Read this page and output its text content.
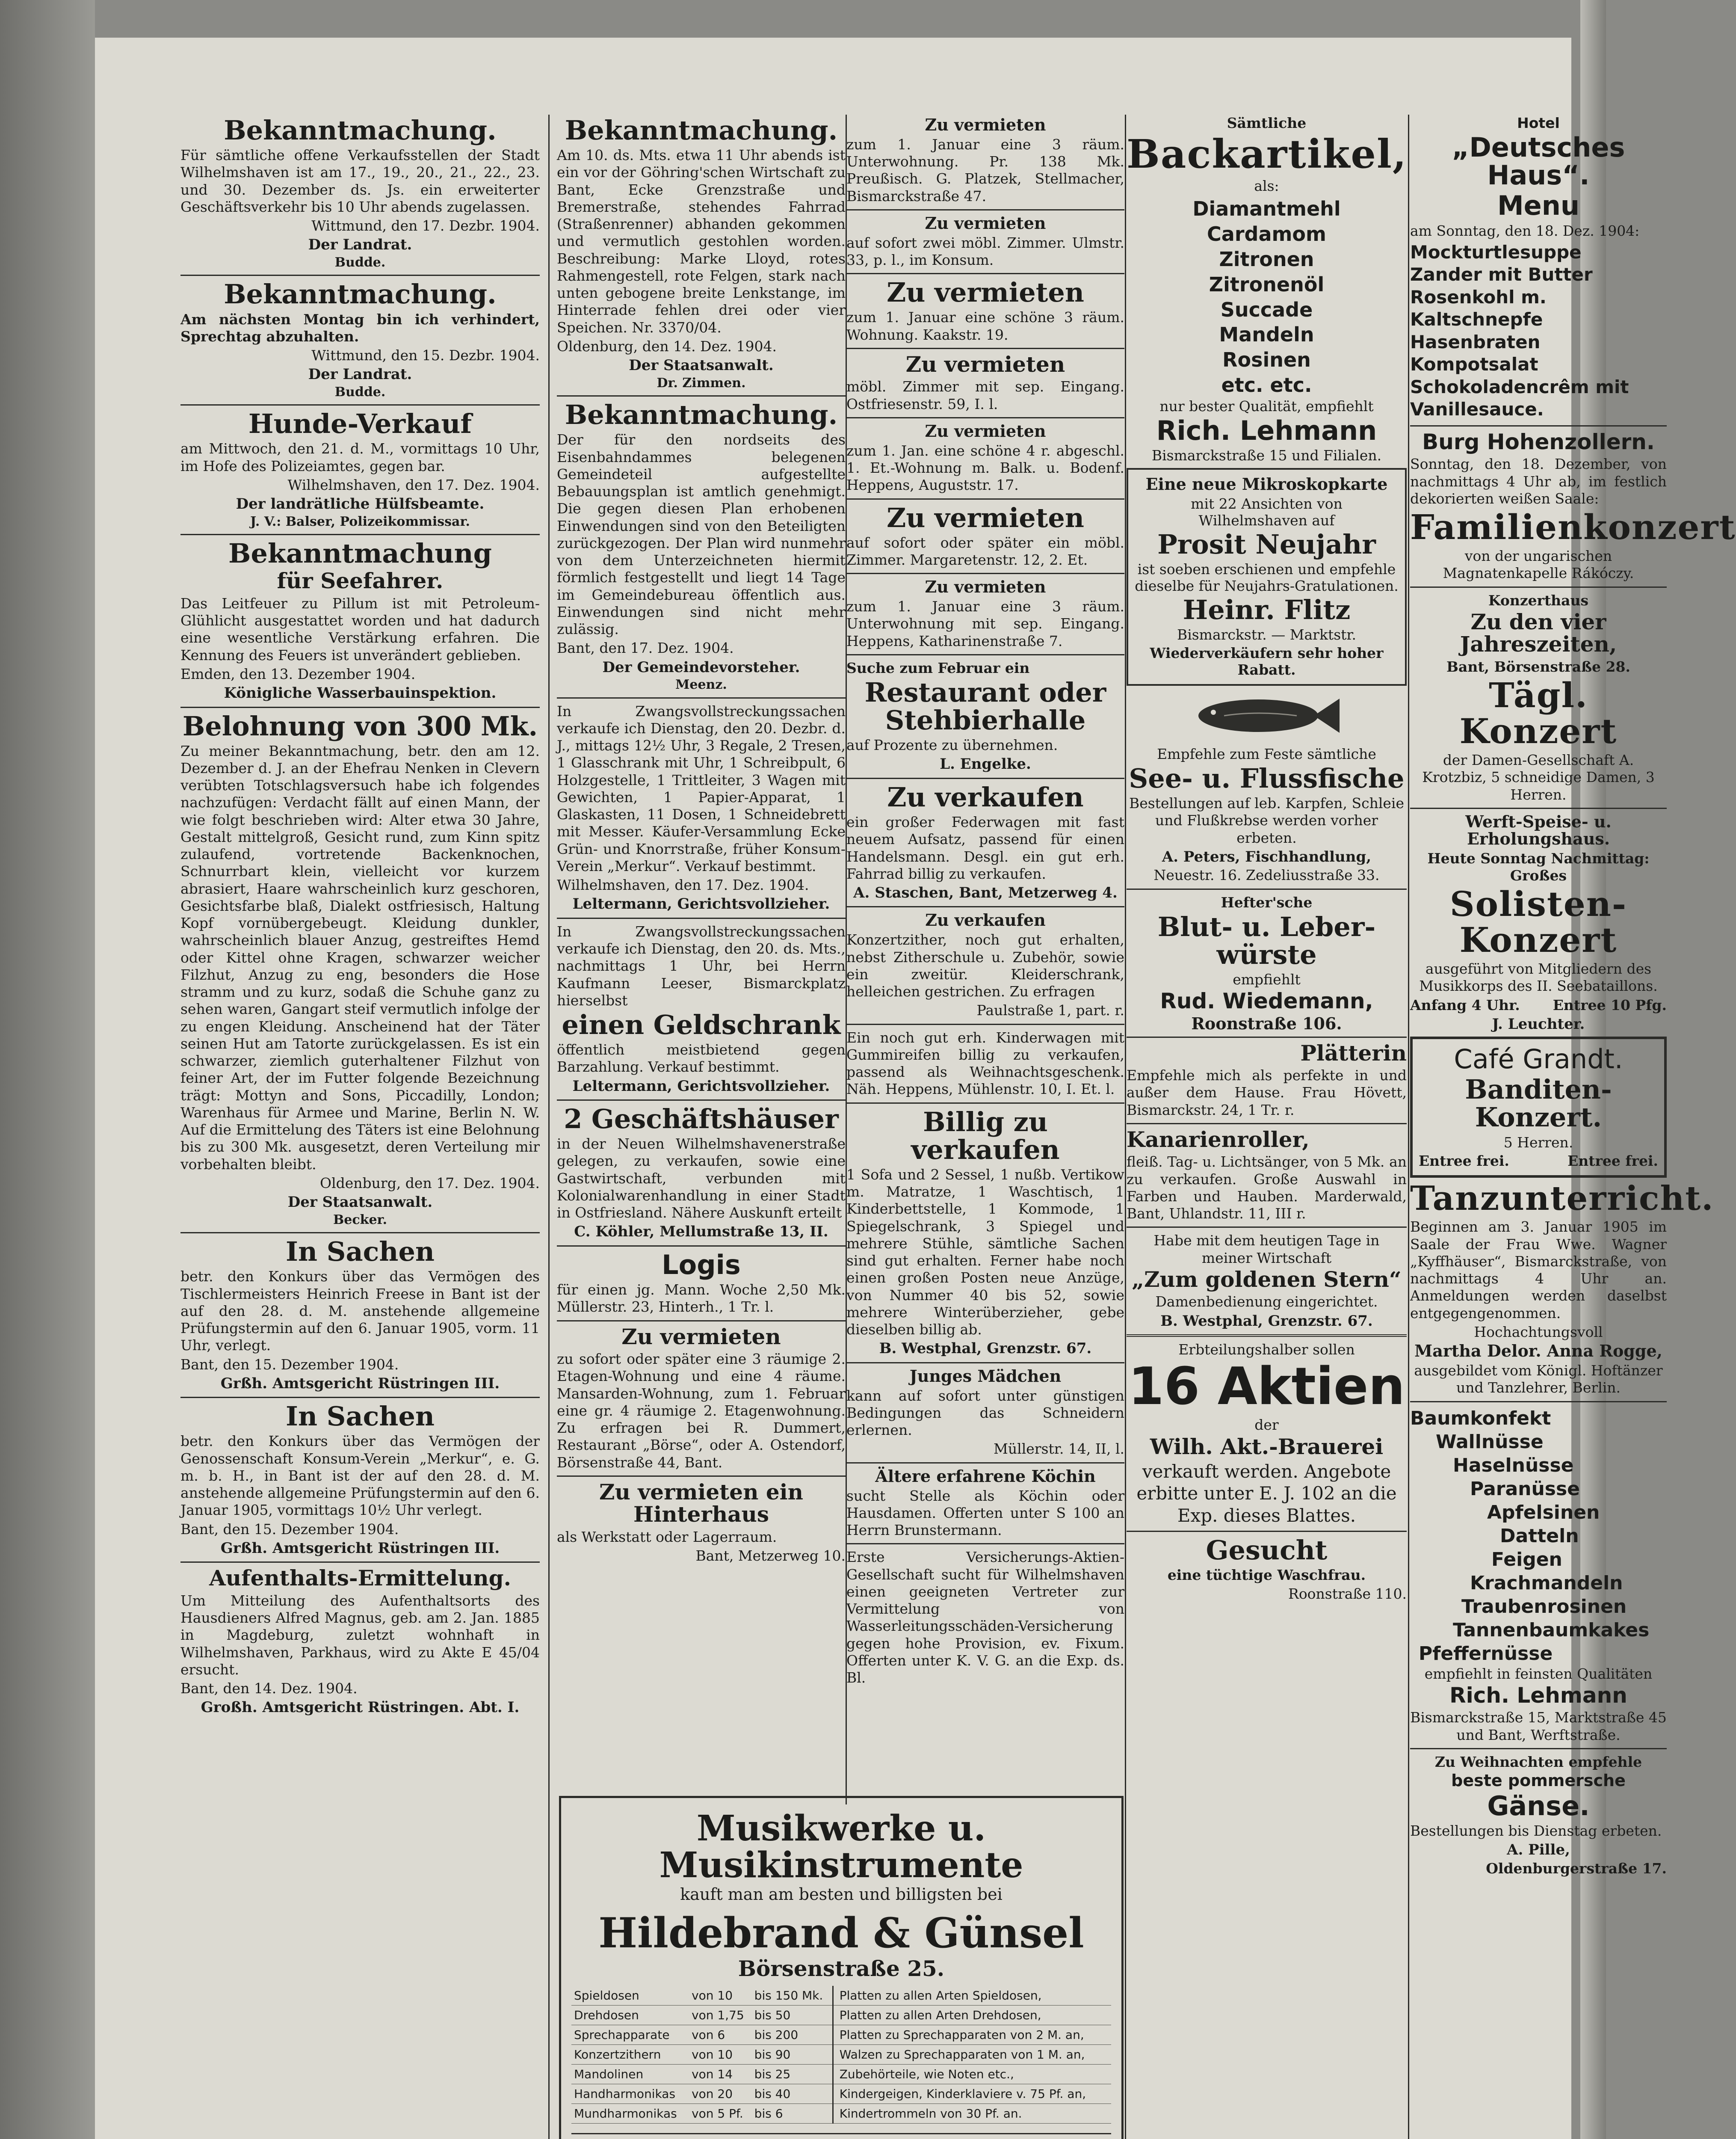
Bekanntmachung.
Für sämtliche offene Verkaufsstellen der Stadt Wilhelmshaven ist am 17., 19., 20., 21., 22., 23. und 30. Dezember ds. Js. ein erweiterter Geschäftsverkehr bis 10 Uhr abends zugelassen.
Wittmund, den 17. Dezbr. 1904.
Der Landrat.
Budde.
Bekanntmachung.
Am nächsten Montag bin ich verhindert, Sprechtag abzuhalten.
Wittmund, den 15. Dezbr. 1904.
Der Landrat.
Budde.
Hunde-Verkauf
am Mittwoch, den 21. d. M., vormittags 10 Uhr, im Hofe des Polizeiamtes, gegen bar.
Wilhelmshaven, den 17. Dez. 1904.
Der landrätliche Hülfsbeamte.
J. V.: Balser, Polizeikommissar.
Bekanntmachung
für Seefahrer.
Das Leitfeuer zu Pillum ist mit Petroleum-Glühlicht ausgestattet worden und hat dadurch eine wesentliche Verstärkung erfahren. Die Kennung des Feuers ist unverändert geblieben.
Emden, den 13. Dezember 1904.
Königliche Wasserbauinspektion.
Belohnung von 300 Mk.
Zu meiner Bekanntmachung, betr. den am 12. Dezember d. J. an der Ehefrau Nenken in Clevern verübten Totschlagsversuch habe ich folgendes nachzufügen: Verdacht fällt auf einen Mann, der wie folgt beschrieben wird: Alter etwa 30 Jahre, Gestalt mittelgroß, Gesicht rund, zum Kinn spitz zulaufend, vortretende Backenknochen, Schnurrbart klein, vielleicht vor kurzem abrasiert, Haare wahrscheinlich kurz geschoren, Gesichtsfarbe blaß, Dialekt ostfriesisch, Haltung Kopf vornübergebeugt. Kleidung dunkler, wahrscheinlich blauer Anzug, gestreiftes Hemd oder Kittel ohne Kragen, schwarzer weicher Filzhut, Anzug zu eng, besonders die Hose stramm und zu kurz, sodaß die Schuhe ganz zu sehen waren, Gangart steif vermutlich infolge der zu engen Kleidung. Anscheinend hat der Täter seinen Hut am Tatorte zurückgelassen. Es ist ein schwarzer, ziemlich guterhaltener Filzhut von feiner Art, der im Futter folgende Bezeichnung trägt: Mottyn and Sons, Piccadilly, London; Warenhaus für Armee und Marine, Berlin N. W. Auf die Ermittelung des Täters ist eine Belohnung bis zu 300 Mk. ausgesetzt, deren Verteilung mir vorbehalten bleibt.
Oldenburg, den 17. Dez. 1904.
Der Staatsanwalt.
Becker.
In Sachen
betr. den Konkurs über das Vermögen des Tischlermeisters Heinrich Freese in Bant ist der auf den 28. d. M. anstehende allgemeine Prüfungstermin auf den 6. Januar 1905, vorm. 11 Uhr, verlegt.
Bant, den 15. Dezember 1904.
Grßh. Amtsgericht Rüstringen III.
In Sachen
betr. den Konkurs über das Vermögen der Genossenschaft Konsum-Verein „Merkur“, e. G. m. b. H., in Bant ist der auf den 28. d. M. anstehende allgemeine Prüfungstermin auf den 6. Januar 1905, vormittags 10½ Uhr verlegt.
Bant, den 15. Dezember 1904.
Grßh. Amtsgericht Rüstringen III.
Aufenthalts-Ermittelung.
Um Mitteilung des Aufenthaltsorts des Hausdieners Alfred Magnus, geb. am 2. Jan. 1885 in Magdeburg, zuletzt wohnhaft in Wilhelmshaven, Parkhaus, wird zu Akte E 45/04 ersucht.
Bant, den 14. Dez. 1904.
Großh. Amtsgericht Rüstringen. Abt. I.
Bekanntmachung.
Am 10. ds. Mts. etwa 11 Uhr abends ist ein vor der Göhring'schen Wirtschaft zu Bant, Ecke Grenzstraße und Bremerstraße, stehendes Fahrrad (Straßenrenner) abhanden gekommen und vermutlich gestohlen worden. Beschreibung: Marke Lloyd, rotes Rahmengestell, rote Felgen, stark nach unten gebogene breite Lenkstange, im Hinterrade fehlen drei oder vier Speichen. Nr. 3370/04.
Oldenburg, den 14. Dez. 1904.
Der Staatsanwalt.
Dr. Zimmen.
Bekanntmachung.
Der für den nordseits des Eisenbahndammes belegenen Gemeindeteil aufgestellte Bebauungsplan ist amtlich genehmigt. Die gegen diesen Plan erhobenen Einwendungen sind von den Beteiligten zurückgezogen. Der Plan wird nunmehr von dem Unterzeichneten hiermit förmlich festgestellt und liegt 14 Tage im Gemeindebureau öffentlich aus. Einwendungen sind nicht mehr zulässig.
Bant, den 17. Dez. 1904.
Der Gemeindevorsteher.
Meenz.
In Zwangsvollstreckungssachen verkaufe ich Dienstag, den 20. Dezbr. d. J., mittags 12½ Uhr, 3 Regale, 2 Tresen, 1 Glasschrank mit Uhr, 1 Schreibpult, 6 Holzgestelle, 1 Trittleiter, 3 Wagen mit Gewichten, 1 Papier-Apparat, 1 Glaskasten, 11 Dosen, 1 Schneidebrett mit Messer. Käufer-Versammlung Ecke Grün- und Knorrstraße, früher Konsum-Verein „Merkur“. Verkauf bestimmt.
Wilhelmshaven, den 17. Dez. 1904.
Leltermann, Gerichtsvollzieher.
In Zwangsvollstreckungssachen verkaufe ich Dienstag, den 20. ds. Mts., nachmittags 1 Uhr, bei Herrn Kaufmann Leeser, Bismarckplatz hierselbst
einen Geldschrank
öffentlich meistbietend gegen Barzahlung. Verkauf bestimmt.
Leltermann, Gerichtsvollzieher.
2 Geschäftshäuser
in der Neuen Wilhelmshavenerstraße gelegen, zu verkaufen, sowie eine Gastwirtschaft, verbunden mit Kolonialwarenhandlung in einer Stadt in Ostfriesland. Nähere Auskunft erteilt
C. Köhler, Mellumstraße 13, II.
Logis
für einen jg. Mann. Woche 2,50 Mk. Müllerstr. 23, Hinterh., 1 Tr. l.
Zu vermieten
zu sofort oder später eine 3 räumige 2. Etagen-Wohnung und eine 4 räume. Mansarden-Wohnung, zum 1. Februar eine gr. 4 räumige 2. Etagenwohnung. Zu erfragen bei R. Dummert, Restaurant „Börse“, oder A. Ostendorf, Börsenstraße 44, Bant.
Zu vermieten ein Hinterhaus
als Werkstatt oder Lagerraum.
Bant, Metzerweg 10.
Zu vermieten
zum 1. Januar eine 3 räum. Unterwohnung. Pr. 138 Mk. Preußisch. G. Platzek, Stellmacher, Bismarckstraße 47.
Zu vermieten
auf sofort zwei möbl. Zimmer. Ulmstr. 33, p. l., im Konsum.
Zu vermieten
zum 1. Januar eine schöne 3 räum. Wohnung. Kaakstr. 19.
Zu vermieten
möbl. Zimmer mit sep. Eingang. Ostfriesenstr. 59, I. l.
Zu vermieten
zum 1. Jan. eine schöne 4 r. abgeschl. 1. Et.-Wohnung m. Balk. u. Bodenf. Heppens, Auguststr. 17.
Zu vermieten
auf sofort oder später ein möbl. Zimmer. Margaretenstr. 12, 2. Et.
Zu vermieten
zum 1. Januar eine 3 räum. Unterwohnung mit sep. Eingang. Heppens, Katharinenstraße 7.
Suche zum Februar ein
Restaurant oder Stehbierhalle
auf Prozente zu übernehmen.
L. Engelke.
Zu verkaufen
ein großer Federwagen mit fast neuem Aufsatz, passend für einen Handelsmann. Desgl. ein gut erh. Fahrrad billig zu verkaufen.
A. Staschen, Bant, Metzerweg 4.
Zu verkaufen
Konzertzither, noch gut erhalten, nebst Zitherschule u. Zubehör, sowie ein zweitür. Kleiderschrank, helleichen gestrichen. Zu erfragen
Paulstraße 1, part. r.
Ein noch gut erh. Kinderwagen mit Gummireifen billig zu verkaufen, passend als Weihnachtsgeschenk. Näh. Heppens, Mühlenstr. 10, I. Et. l.
Billig zu verkaufen
1 Sofa und 2 Sessel, 1 nußb. Vertikow m. Matratze, 1 Waschtisch, 1 Kinderbettstelle, 1 Kommode, 1 Spiegelschrank, 3 Spiegel und mehrere Stühle, sämtliche Sachen sind gut erhalten. Ferner habe noch einen großen Posten neue Anzüge, von Nummer 40 bis 52, sowie mehrere Winterüberzieher, gebe dieselben billig ab.
B. Westphal, Grenzstr. 67.
Junges Mädchen
kann auf sofort unter günstigen Bedingungen das Schneidern erlernen.
Müllerstr. 14, II, l.
Ältere erfahrene Köchin
sucht Stelle als Köchin oder Hausdamen. Offerten unter S 100 an Herrn Brunstermann.
Erste Versicherungs-Aktien-Gesellschaft sucht für Wilhelmshaven einen geeigneten Vertreter zur Vermittelung von Wasserleitungsschäden-Versicherung gegen hohe Provision, ev. Fixum. Offerten unter K. V. G. an die Exp. ds. Bl.
Musikwerke u. Musikinstrumente
kauft man am besten und billigsten bei
Hildebrand & Günsel
Börsenstraße 25.
Spieldosen	von 10	bis 150 Mk.	Platten zu allen Arten Spieldosen,
Drehdosen	von 1,75	bis 50	Platten zu allen Arten Drehdosen,
Sprechapparate	von 6	bis 200	Platten zu Sprechapparaten von 2 M. an,
Konzertzithern	von 10	bis 90	Walzen zu Sprechapparaten von 1 M. an,
Mandolinen	von 14	bis 25	Zubehörteile, wie Noten etc.,
Handharmonikas	von 20	bis 40	Kindergeigen, Kinderklaviere v. 75 Pf. an,
Mundharmonikas	von 5 Pf.	bis 6	Kindertrommeln von 30 Pf. an.
Sämtliche
Backartikel,
als:
Diamantmehl
Cardamom
Zitronen
Zitronenöl
Succade
Mandeln
Rosinen
etc. etc.
nur bester Qualität, empfiehlt
Rich. Lehmann
Bismarckstraße 15 und Filialen.
Eine neue Mikroskopkarte
mit 22 Ansichten von Wilhelmshaven auf
Prosit Neujahr
ist soeben erschienen und empfehle dieselbe für Neujahrs-Gratulationen.
Heinr. Flitz
Bismarckstr. — Marktstr.
Wiederverkäufern sehr hoher Rabatt.
Empfehle zum Feste sämtliche
See- u. Flussfische
Bestellungen auf leb. Karpfen, Schleie und Flußkrebse werden vorher erbeten.
A. Peters, Fischhandlung,
Neuestr. 16. Zedeliusstraße 33.
Hefter'sche
Blut- u. Leber-würste
empfiehlt
Rud. Wiedemann,
Roonstraße 106.
Plätterin
Empfehle mich als perfekte in und außer dem Hause. Frau Hövett, Bismarckstr. 24, 1 Tr. r.
Kanarienroller,
fleiß. Tag- u. Lichtsänger, von 5 Mk. an zu verkaufen. Große Auswahl in Farben und Hauben. Marderwald, Bant, Uhlandstr. 11, III r.
Habe mit dem heutigen Tage in meiner Wirtschaft
„Zum goldenen Stern“
Damenbedienung eingerichtet.
B. Westphal, Grenzstr. 67.
Erbteilungshalber sollen
16 Aktien
der
Wilh. Akt.-Brauerei
verkauft werden. Angebote erbitte unter E. J. 102 an die Exp. dieses Blattes.
Gesucht
eine tüchtige Waschfrau.
Roonstraße 110.
Hotel
„Deutsches Haus“.
Menu
am Sonntag, den 18. Dez. 1904:
Mockturtlesuppe
Zander mit Butter
Rosenkohl m. Kaltschnepfe
Hasenbraten
Kompotsalat
Schokoladencrêm mit Vanillesauce.
Burg Hohenzollern.
Sonntag, den 18. Dezember, von nachmittags 4 Uhr ab, im festlich dekorierten weißen Saale:
Familienkonzert
von der ungarischen Magnatenkapelle Rákóczy.
Konzerthaus
Zu den vier Jahreszeiten,
Bant, Börsenstraße 28.
Tägl. Konzert
der Damen-Gesellschaft A. Krotzbiz, 5 schneidige Damen, 3 Herren.
Werft-Speise- u. Erholungshaus.
Heute Sonntag Nachmittag: Großes
Solisten-Konzert
ausgeführt von Mitgliedern des Musikkorps des II. Seebataillons.
Anfang 4 Uhr. Entree 10 Pfg.
J. Leuchter.
Café Grandt.
Banditen-Konzert.
5 Herren.
Entree frei.	Entree frei.
Tanzunterricht.
Beginnen am 3. Januar 1905 im Saale der Frau Wwe. Wagner „Kyffhäuser“, Bismarckstraße, von nachmittags 4 Uhr an. Anmeldungen werden daselbst entgegengenommen.
Hochachtungsvoll
Martha Delor. Anna Rogge,
ausgebildet vom Königl. Hoftänzer und Tanzlehrer, Berlin.
Baumkonfekt
Wallnüsse
Haselnüsse
Paranüsse
Apfelsinen
Datteln
Feigen
Krachmandeln
Traubenrosinen
Tannenbaumkakes
Pfeffernüsse
empfiehlt in feinsten Qualitäten
Rich. Lehmann
Bismarckstraße 15, Marktstraße 45 und Bant, Werftstraße.
Zu Weihnachten empfehle
beste pommersche
Gänse.
Bestellungen bis Dienstag erbeten.
A. Pille,
Oldenburgerstraße 17.
